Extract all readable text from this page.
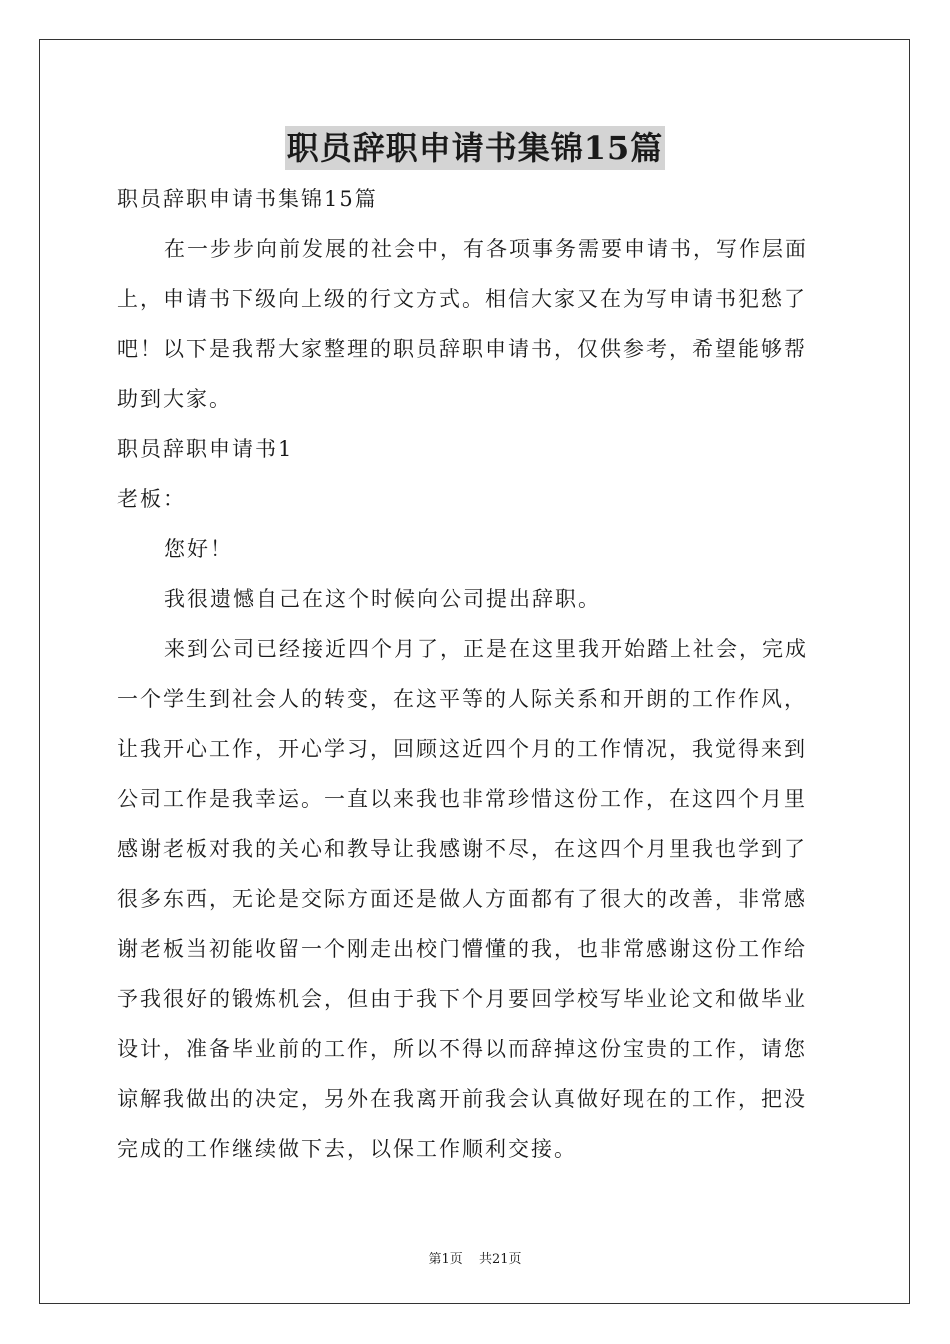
职员辞职申请书集锦15篇
职员辞职申请书集锦15篇
在一步步向前发展的社会中，有各项事务需要申请书，写作层面
上，申请书下级向上级的行文方式。相信大家又在为写申请书犯愁了
吧！以下是我帮大家整理的职员辞职申请书，仅供参考，希望能够帮
助到大家。
职员辞职申请书1
老板：
您好！
我很遗憾自己在这个时候向公司提出辞职。
来到公司已经接近四个月了，正是在这里我开始踏上社会，完成
一个学生到社会人的转变，在这平等的人际关系和开朗的工作作风，
让我开心工作，开心学习，回顾这近四个月的工作情况，我觉得来到
公司工作是我幸运。一直以来我也非常珍惜这份工作，在这四个月里
感谢老板对我的关心和教导让我感谢不尽，在这四个月里我也学到了
很多东西，无论是交际方面还是做人方面都有了很大的改善，非常感
谢老板当初能收留一个刚走出校门懵懂的我，也非常感谢这份工作给
予我很好的锻炼机会，但由于我下个月要回学校写毕业论文和做毕业
设计，准备毕业前的工作，所以不得以而辞掉这份宝贵的工作，请您
谅解我做出的决定，另外在我离开前我会认真做好现在的工作，把没
完成的工作继续做下去，以保工作顺利交接。
第1页 共21页
